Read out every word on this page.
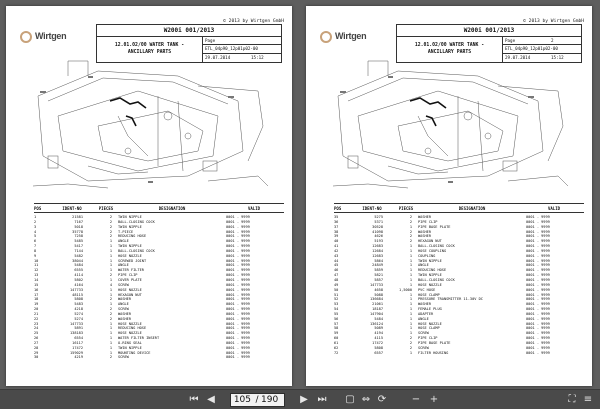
Wirtgen
© 2013 by Wirtgen GmbH
W200i 001/2013
12.01.02/00 WATER TANK -
ANCILLARY PARTS
Page
ETL_04p90_12p01p02-00
29.07.2014	15:12
POS	IDENT-NO	PIECES	DESIGNATION	VALID
1	21581	2	TWIN NIPPLE	0001 - 9999
2	7167	2	BALL-CLOSING COCK	0001 - 9999
3	5018	2	TWIN NIPPLE	0001 - 9999
4	35778	2	T-PIECE	0001 - 9999
5	7258	2	REDUCING HOSE	0001 - 9999
6	5485	1	ANGLE	0001 - 9999
7	5417	1	TWIN NIPPLE	0001 - 9999
8	7144	1	BALL-CLOSING COCK	0001 - 9999
9	5482	1	HOSE NOZZLE	0001 - 9999
10	38044	1	SCREWED JOINT	0001 - 9999
11	5484	1	ANGLE	0001 - 9999
12	6555	1	WATER FILTER	0001 - 9999
13	4114	2	PIPE CLIP	0001 - 9999
14	5802	1	COVER PLATE	0001 - 9999
15	4164	4	SCREW	0001 - 9999
16	147733	1	HOSE NOZZLE	0001 - 9999
17	48115	1	HEXAGON NUT	0001 - 9999
18	5808	2	WASHER	0001 - 9999
19	5483	1	ANGLE	0001 - 9999
20	4218	2	SCREW	0001 - 9999
21	5274	2	WASHER	0001 - 9999
22	5274	2	WASHER	0001 - 9999
23	147733	1	HOSE NOZZLE	0001 - 9999
24	5891	1	REDUCING HOSE	0001 - 9999
25	138183	1	HOSE NOZZLE	0001 - 9999
26	6554	1	WATER FILTER INSERT	0001 - 9999
27	16117	1	O-RING SEAL	0001 - 9999
28	17472	1	TWIN NIPPLE	0001 - 9999
29	159029	1	MOUNTING DEVICE	0001 - 9999
30	4219	2	SCREW	0001 - 9999
Wirtgen
© 2013 by Wirtgen GmbH
W200i 001/2013
12.01.02/00 WATER TANK -
ANCILLARY PARTS
Page	2
ETL_04p90_12p01p02-00
29.07.2014	15:12
POS	IDENT-NO	PIECES	DESIGNATION	VALID
35	5275	2	WASHER	0001 - 9999
36	5371	2	PIPE CLIP	0001 - 9999
37	30528	1	PIPE BASE PLATE	0001 - 9999
38	41098	2	WASHER	0001 - 9999
39	4626	2	WASHER	0001 - 9999
40	5193	2	HEXAGON NUT	0001 - 9999
41	12683	1	BALL-CLOSING COCK	0001 - 9999
42	12684	1	HOSE COUPLING	0001 - 9999
43	12683	1	COUPLING	0001 - 9999
44	5864	1	TWIN NIPPLE	0001 - 9999
45	24849	1	ANGLE	0001 - 9999
46	5859	1	REDUCING HOSE	0001 - 9999
47	5821	1	TWIN NIPPLE	0001 - 9999
48	5857	1	BALL-CLOSING COCK	0001 - 9999
49	147733	1	HOSE NOZZLE	0001 - 9999
50	4658	1,5000	PVC HOSE	0001 - 9999
51	5088	1	HOSE CLAMP	0001 - 9999
52	136684	1	PRESSURE TRANSMITTER 11-30V DC	0001 - 9999
53	21061	1	WASHER	0001 - 9999
54	18187	1	FEMALE PLUG	0001 - 9999
55	147904	1	ADAPTER	0001 - 9999
56	5484	1	ANGLE	0001 - 9999
57	136124	1	HOSE NOZZLE	0001 - 9999
58	5089	1	HOSE CLAMP	0001 - 9999
59	4194	1	SCREW	0001 - 9999
60	4115	2	PIPE CLIP	0001 - 9999
61	17472	2	PIPE BASE PLATE	0001 - 9999
62	5808	2	SCREW	0001 - 9999
72	6557	1	FILTER HOUSING	0001 - 9999
⏮ ◀	105 / 190	▶ ⏭ ▢ ⇔ ⟳	− +	⛶ ≡
